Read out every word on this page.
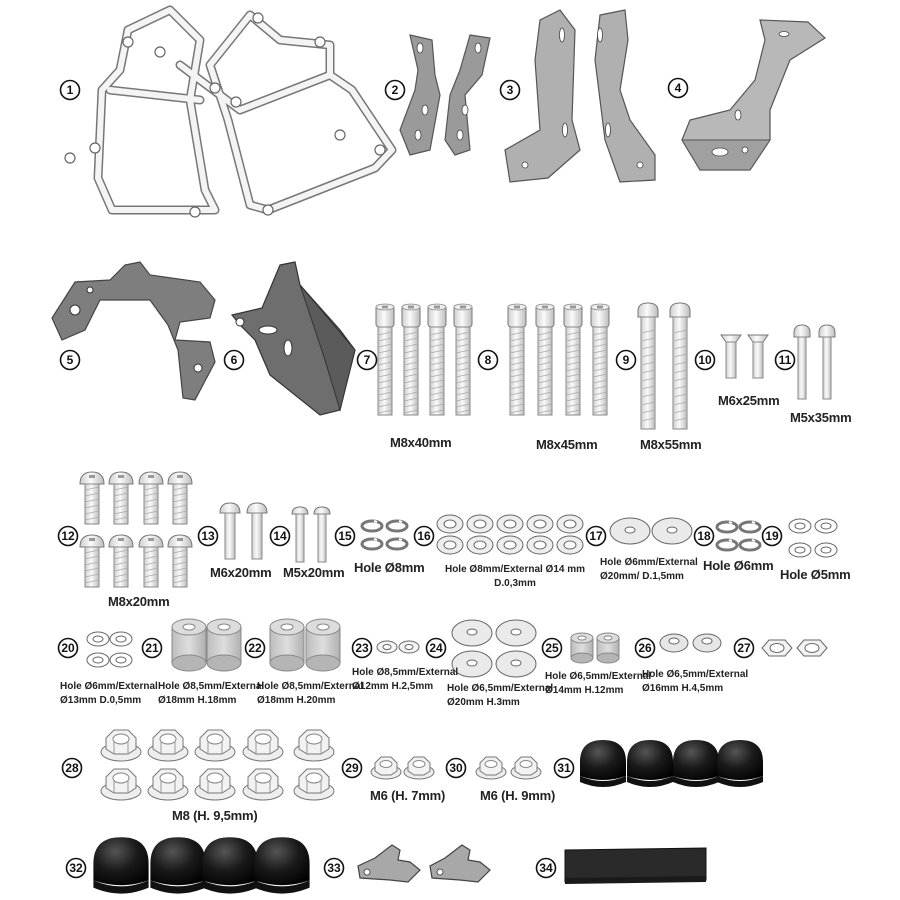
1	2	3	4
5	6	7	8	9	10	11
12	13	14	15	16	17	18	19
20	21	22	23	24	25	26	27
28	29	30	31
32	33	34
M8x40mm	M8x45mm	M8x55mm
M6x25mm
M5x35mm
M8x20mm
M6x20mm M5x20mm Hole Ø8mm	Hole Ø8mm/External Ø14 mm
D.0,3mm
Hole Ø6mm/External
Ø20mm/ D.1,5mm
Hole Ø6mm
Hole Ø5mm
Hole Ø6mm/External
Ø13mm D.0,5mm
Hole Ø8,5mm/External
Ø18mm H.18mm
Hole Ø8,5mm/External
Ø18mm H.20mm
Hole Ø8,5mm/External
Ø12mm H.2,5mm	Hole Ø6,5mm/External
Ø20mm H.3mm
Hole Ø6,5mm/External
Ø14mm H.12mm
Hole Ø6,5mm/External
Ø16mm H.4,5mm
M8 (H. 9,5mm)
M6 (H. 7mm)	M6 (H. 9mm)
